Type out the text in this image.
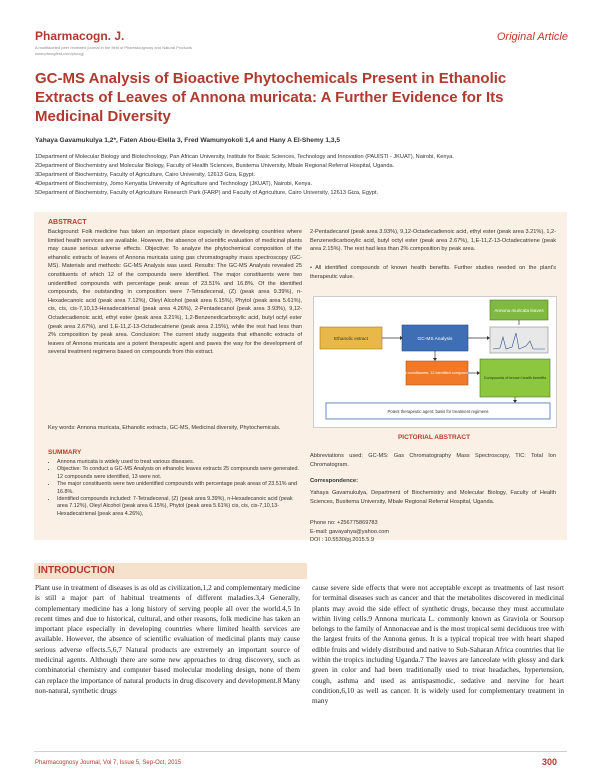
Pharmacogn. J.
A multifaceted peer reviewed journal in the field of Pharmacognosy and Natural Products
www.phcogfirst.com/phcogj
Original Article
GC-MS Analysis of Bioactive Phytochemicals Present in Ethanolic Extracts of Leaves of Annona muricata: A Further Evidence for Its Medicinal Diversity
Yahaya Gavamukulya 1,2*, Faten Abou-Elella 3, Fred Wamunyokoli 1,4 and Hany A El-Shemy 1,3,5
1Department of Molecular Biology and Biotechnology, Pan African University, Institute for Basic Sciences, Technology and Innovation (PAUISTI - JKUAT), Nairobi, Kenya.
2Department of Biochemistry and Molecular Biology, Faculty of Health Sciences, Busitema University, Mbale Regional Referral Hospital, Uganda.
3Department of Biochemistry, Faculty of Agriculture, Cairo University, 12613 Giza, Egypt.
4Department of Biochemistry, Jomo Kenyatta University of Agriculture and Technology (JKUAT), Nairobi, Kenya.
5Department of Biochemistry, Faculty of Agriculture Research Park (FARP) and Faculty of Agriculture, Cairo University, 12613 Giza, Egypt.
ABSTRACT
Background: Folk medicine has taken an important place especially in developing countries where limited health services are available. However, the absence of scientific evaluation of medicinal plants may cause serious adverse effects. Objective: To analyze the phytochemical composition of the ethanolic extracts of leaves of Annona muricata using gas chromatography mass spectroscopy (GC-MS). Materials and methods: GC-MS Analysis was used. Results: The GC-MS Analysis revealed 25 constituents of which 12 of the compounds were identified. The major constituents were two unidentified compounds with percentage peak areas of 23.51% and 16.8%. Of the identified compounds, the outstanding in composition were 7-Tetradecenal, (Z) (peak area 9.39%), n-Hexadecanoic acid (peak area 7.12%), Oleyl Alcohol (peak area 6.15%), Phytol (peak area 5.61%), cis, cis, cis-7,10,13-Hexadecatrienal (peak area 4.26%), 2-Pentadecanol (peak area 3.93%), 9,12-Octadecadienoic acid, ethyl ester (peak area 3.21%), 1,2-Benzenedicarboxylic acid, butyl octyl ester (peak area 2.67%), and 1,E-11,Z-13-Octadecatriene (peak area 2.15%), while the rest had less than 2% composition by peak area. Conclusion: The current study suggests that ethanolic extracts of leaves of Annona muricata are a potent therapeutic agent and paves the way for the development of several treatment regimens based on compounds from this extract.
2-Pentadecanol (peak area 3.93%), 9,12-Octadecadienoic acid, ethyl ester (peak area 3.21%), 1,2-Benzenedicarboxylic acid, butyl octyl ester (peak area 2.67%), 1,E-11,Z-13-Octadecatriene (peak area 2.15%). The rest had less than 2% composition by peak area.
• All identified compounds of known health benefits. Further studies needed on the plant's therapeutic value.
Annona muricata leaves
Ethanolic extract	GC-MS Analysis
25 constituents; 12 identified compounds
Compounds of known health benefits
Potent therapeutic agent; basis for treatment regimens
PICTORIAL ABSTRACT
Key words: Annona muricata, Ethanolic extracts, GC-MS, Medicinal diversity, Phytochemicals.
SUMMARY
• Annona muricata is widely used to treat various diseases.
• Objective: To conduct a GC-MS Analysis on ethanolic leaves extracts 25 compounds were generated. 12 compounds were identified, 13 were not.
• The major constituents were two unidentified compounds with percentage peak areas of 23.51% and 16.8%.
• Identified compounds included: 7-Tetradecenal, (Z) (peak area 9.39%), n-Hexadecanoic acid (peak area 7.12%), Oleyl Alcohol (peak area 6.15%), Phytol (peak area 5.61%) cis, cis, cis-7,10,13-Hexadecatrienal (peak area 4.26%),
Abbreviations used: GC-MS: Gas Chromatography Mass Spectroscopy, TIC: Total Ion Chromatogram.
Correspondence:
Yahaya Gavamukulya, Department of Biochemistry and Molecular Biology, Faculty of Health Sciences, Busitema University, Mbale Regional Referral Hospital, Uganda.
Phone no: +256775869783
E-mail: gavayahya@yahoo.com
DOI : 10.5530/pj.2015.5.9
INTRODUCTION
Plant use in treatment of diseases is as old as civilization,1,2 and complementary medicine is still a major part of habitual treatments of different maladies.3,4 Generally, complementary medicine has a long history of serving people all over the world.4,5 In recent times and due to historical, cultural, and other reasons, folk medicine has taken an important place especially in developing countries where limited health services are available. However, the absence of scientific evaluation of medicinal plants may cause serious adverse effects.5,6,7 Natural products are extremely an important source of medicinal agents. Although there are some new approaches to drug discovery, such as combinatorial chemistry and computer based molecular modeling design, none of them can replace the importance of natural products in drug discovery and development.8 Many non-natural, synthetic drugs
cause severe side effects that were not acceptable except as treatments of last resort for terminal diseases such as cancer and that the metabolites discovered in medicinal plants may avoid the side effect of synthetic drugs, because they must accumulate within living cells.9 Annona muricata L. commonly known as Graviola or Soursop belongs to the family of Annonaceae and is the most tropical semi deciduous tree with the largest fruits of the Annona genus. It is a typical tropical tree with heart shaped edible fruits and widely distributed and native to Sub-Saharan Africa countries that lie within the tropics including Uganda.7 The leaves are lanceolate with glossy and dark green in color and had been traditionally used to treat headaches, hypertension, cough, asthma and used as antispasmodic, sedative and nervine for heart condition,6,10 as well as cancer. It is widely used for complementary treatment in many
Pharmacognosy Journal, Vol 7, Issue 5, Sep-Oct, 2015	300
